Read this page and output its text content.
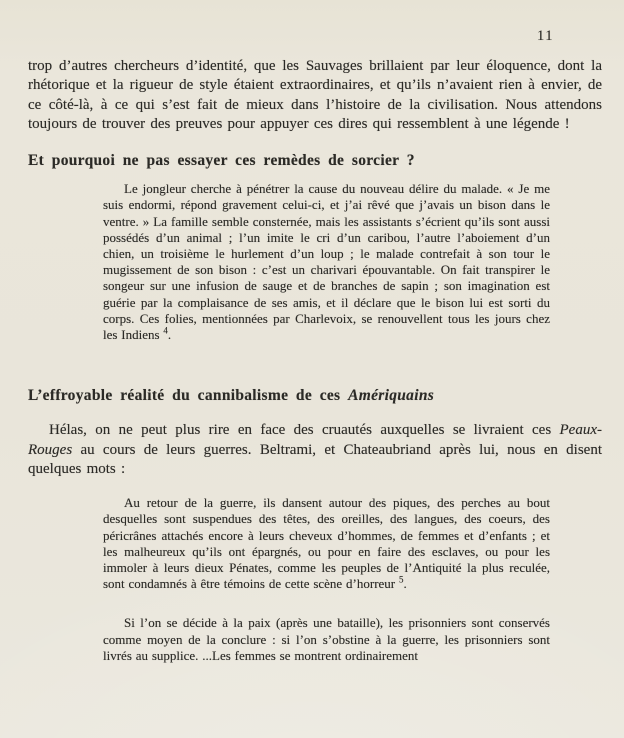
11

trop d’autres chercheurs d’identité, que les Sauvages brillaient par leur éloquence, dont la rhétorique et la rigueur de style étaient extraordinaires, et qu’ils n’avaient rien à envier, de ce côté-là, à ce qui s’est fait de mieux dans l’histoire de la civilisation. Nous attendons toujours de trouver des preuves pour appuyer ces dires qui ressemblent à une légende !

Et pourquoi ne pas essayer ces remèdes de sorcier ?

Le jongleur cherche à pénétrer la cause du nouveau délire du malade. « Je me suis endormi, répond gravement celui-ci, et j’ai rêvé que j’avais un bison dans le ventre. » La famille semble consternée, mais les assistants s’écrient qu’ils sont aussi possédés d’un animal ; l’un imite le cri d’un caribou, l’autre l’aboiement d’un chien, un troisième le hurlement d’un loup ; le malade contrefait à son tour le mugissement de son bison : c’est un charivari épouvantable. On fait transpirer le songeur sur une infusion de sauge et de branches de sapin ; son imagination est guérie par la complaisance de ses amis, et il déclare que le bison lui est sorti du corps. Ces folies, mentionnées par Charlevoix, se renouvellent tous les jours chez les Indiens $^4$.

L’effroyable réalité du cannibalisme de ces Amériquains

Hélas, on ne peut plus rire en face des cruautés auxquelles se livraient ces Peaux-Rouges au cours de leurs guerres. Beltrami, et Chateaubriand après lui, nous en disent quelques mots :

Au retour de la guerre, ils dansent autour des piques, des perches au bout desquelles sont suspendues des têtes, des oreilles, des langues, des coeurs, des péricrânes attachés encore à leurs cheveux d’hommes, de femmes et d’enfants ; et les malheureux qu’ils ont épargnés, ou pour en faire des esclaves, ou pour les immoler à leurs dieux Pénates, comme les peuples de l’Antiquité la plus reculée, sont condamnés à être témoins de cette scène d’horreur $^5$.

Si l’on se décide à la paix (après une bataille), les prisonniers sont conservés comme moyen de la conclure : si l’on s’obstine à la guerre, les prisonniers sont livrés au supplice. ...Les femmes se montrent ordinairement
